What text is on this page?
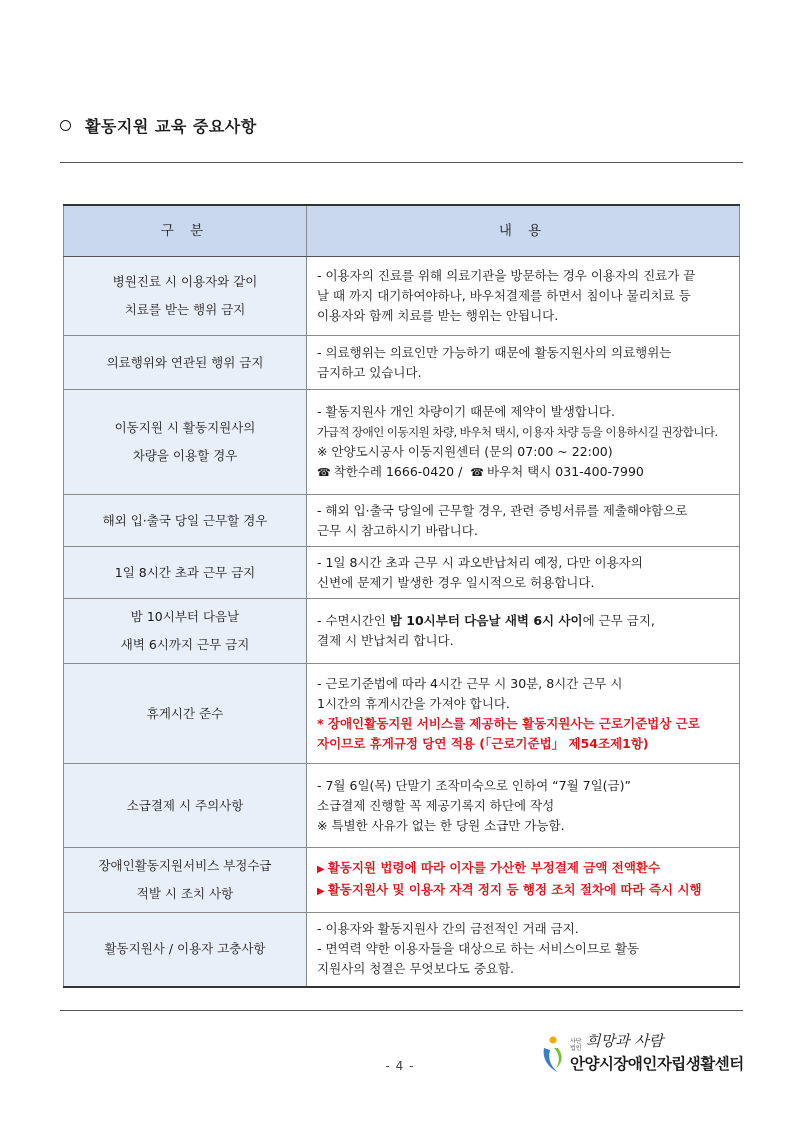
활동지원 교육 중요사항
구 분	내 용

병원진료 시 이용자와 같이
치료를 받는 행위 금지	- 이용자의 진료를 위해 의료기관을 방문하는 경우 이용자의 진료가 끝
날 때 까지 대기하여야하나, 바우처결제를 하면서 침이나 물리치료 등
이용자와 함께 치료를 받는 행위는 안됩니다.

의료행위와 연관된 행위 금지	- 의료행위는 의료인만 가능하기 때문에 활동지원사의 의료행위는
금지하고 있습니다.

이동지원 시 활동지원사의
차량을 이용할 경우	- 활동지원사 개인 차량이기 때문에 제약이 발생합니다.
가급적 장애인 이동지원 차량, 바우처 택시, 이용자 차량 등을 이용하시길 권장합니다.
※ 안양도시공사 이동지원센터 (문의 07:00 ~ 22:00)
☎ 착한수레 1666-0420 / ☎ 바우처 택시 031-400-7990

해외 입·출국 당일 근무할 경우	- 해외 입·출국 당일에 근무할 경우, 관련 증빙서류를 제출해야함으로
근무 시 참고하시기 바랍니다.

1일 8시간 초과 근무 금지	- 1일 8시간 초과 근무 시 과오반납처리 예정, 다만 이용자의
신변에 문제기 발생한 경우 일시적으로 허용합니다.

밤 10시부터 다음날
새벽 6시까지 근무 금지	- 수면시간인 밤 10시부터 다음날 새벽 6시 사이에 근무 금지,
결제 시 반납처리 합니다.

휴게시간 준수	- 근로기준법에 따라 4시간 근무 시 30분, 8시간 근무 시
1시간의 휴게시간을 가져야 합니다.
* 장애인활동지원 서비스를 제공하는 활동지원사는 근로기준법상 근로
자이므로 휴게규정 당연 적용 (「근로기준법」 제54조제1항)

소급결제 시 주의사항	- 7월 6일(목) 단말기 조작미숙으로 인하여 “7월 7일(금)”
소급결제 진행할 꼭 제공기록지 하단에 작성
※ 특별한 사유가 없는 한 당원 소급만 가능함.

장애인활동지원서비스 부정수급
적발 시 조치 사항	▶ 활동지원 법령에 따라 이자를 가산한 부정결제 금액 전액환수
▶ 활동지원사 및 이용자 자격 정지 등 행정 조치 절차에 따라 즉시 시행

활동지원사 / 이용자 고충사항	- 이용자와 활동지원사 간의 금전적인 거래 금지.
- 면역력 약한 이용자들을 대상으로 하는 서비스이므로 활동
지원사의 청결은 무엇보다도 중요함.
- 4 -
사단법인 희망과 사람
안양시장애인자립생활센터
